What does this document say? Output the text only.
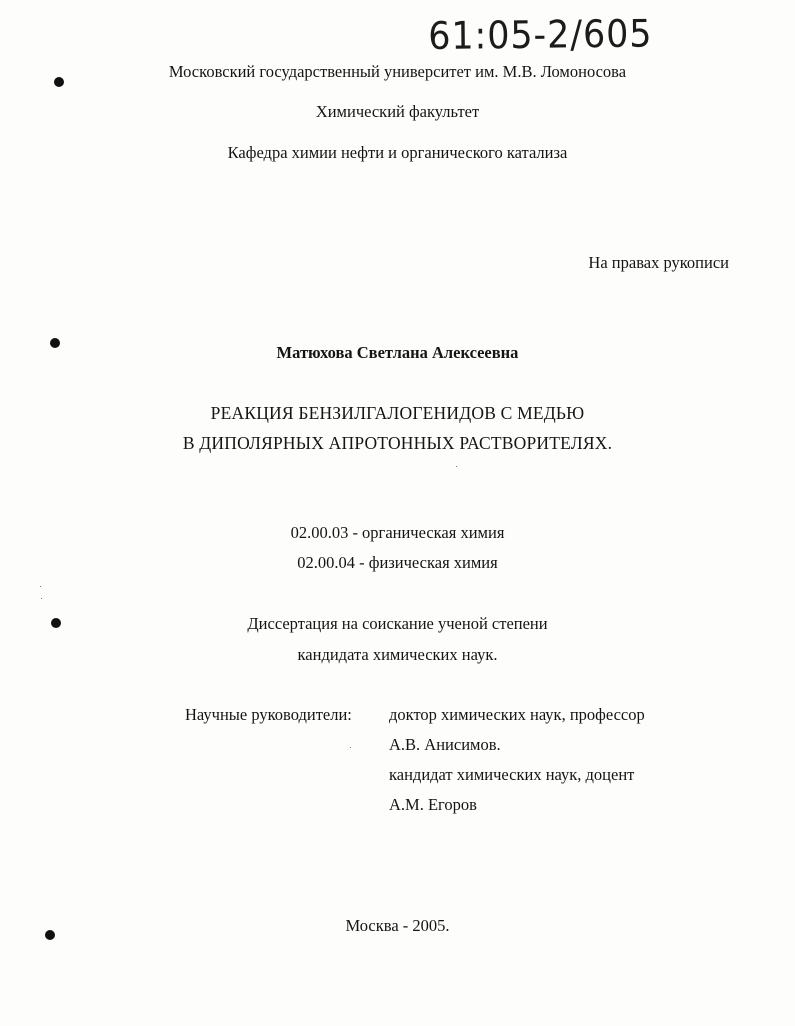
61:05-2/605
Московский государственный университет им. М.В. Ломоносова
Химический факультет
Кафедра химии нефти и органического катализа
На правах рукописи
Матюхова Светлана Алексеевна
РЕАКЦИЯ БЕНЗИЛГАЛОГЕНИДОВ С МЕДЬЮ
В ДИПОЛЯРНЫХ АПРОТОННЫХ РАСТВОРИТЕЛЯХ.
02.00.03 - органическая химия
02.00.04 - физическая химия
Диссертация на соискание ученой степени
кандидата химических наук.
Научные руководители: доктор химических наук, профессор
А.В. Анисимов.
кандидат химических наук, доцент
А.М. Егоров
Москва - 2005.
